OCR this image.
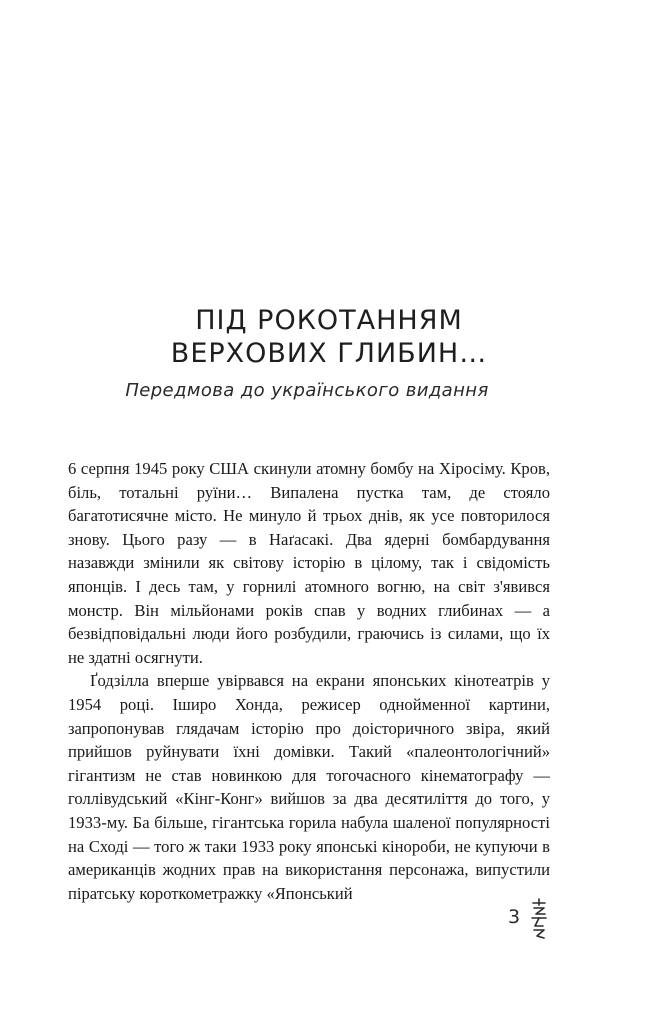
ПІД РОКОТАННЯМ
ВЕРХОВИХ ГЛИБИН…

Передмова до українського видання

6 серпня 1945 року США скинули атомну бомбу на Хіросіму. Кров, біль, тотальні руїни… Випалена пустка там, де стояло багатотисячне місто. Не минуло й трьох днів, як усе повторилося знову. Цього разу — в Наґасакі. Два ядерні бомбардування назавжди змінили як світову історію в цілому, так і свідомість японців. І десь там, у горнилі атомного вогню, на світ з'явився монстр. Він мільйонами років спав у водних глибинах — а безвідповідальні люди його розбудили, граючись із силами, що їх не здатні осягнути.

Ґодзілла вперше увірвався на екрани японських кінотеатрів у 1954 році. Іширо Хонда, режисер однойменної картини, запропонував глядачам історію про доісторичного звіра, який прийшов руйнувати їхні домівки. Такий «палеонтологічний» гігантизм не став новинкою для тогочасного кінематографу — голлівудський «Кінг-Конг» вийшов за два десятиліття до того, у 1933-му. Ба більше, гігантська горила набула шаленої популярності на Сході — того ж таки 1933 року японські кінороби, не купуючи в американців жодних прав на використання персонажа, випустили піратську короткометражку «Японський

3
